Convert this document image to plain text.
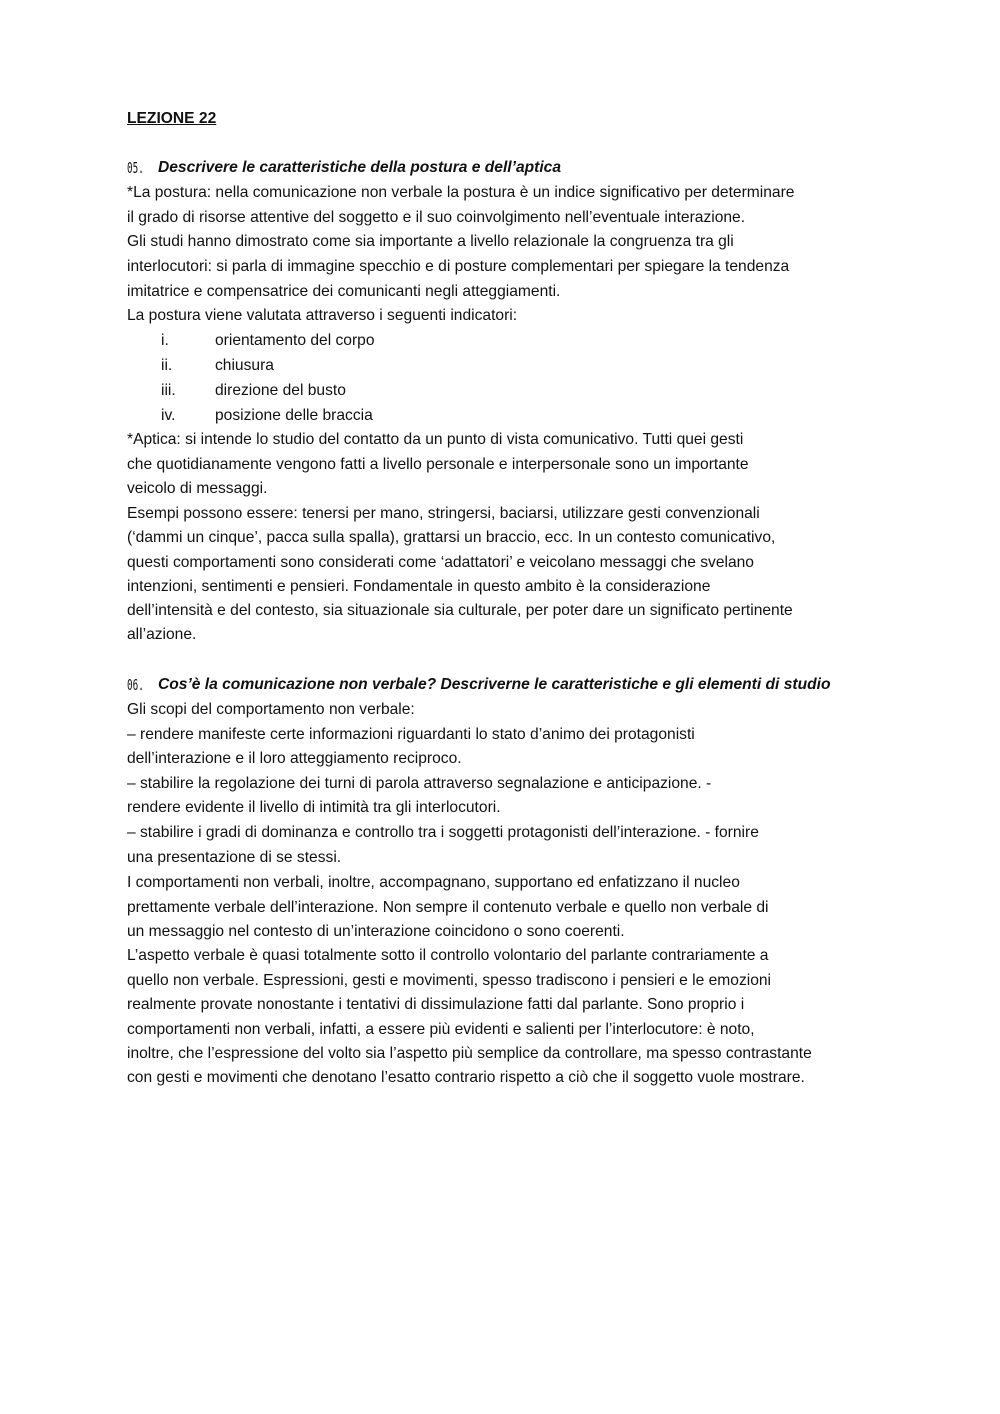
LEZIONE 22
05. Descrivere le caratteristiche della postura e dell’aptica
*La postura: nella comunicazione non verbale la postura è un indice significativo per determinare
il grado di risorse attentive del soggetto e il suo coinvolgimento nell’eventuale interazione.
Gli studi hanno dimostrato come sia importante a livello relazionale la congruenza tra gli
interlocutori: si parla di immagine specchio e di posture complementari per spiegare la tendenza
imitatrice e compensatrice dei comunicanti negli atteggiamenti.
La postura viene valutata attraverso i seguenti indicatori:
i.	orientamento del corpo
ii.	chiusura
iii.	direzione del busto
iv.	posizione delle braccia
*Aptica: si intende lo studio del contatto da un punto di vista comunicativo. Tutti quei gesti
che quotidianamente vengono fatti a livello personale e interpersonale sono un importante
veicolo di messaggi.
Esempi possono essere: tenersi per mano, stringersi, baciarsi, utilizzare gesti convenzionali
(‘dammi un cinque’, pacca sulla spalla), grattarsi un braccio, ecc. In un contesto comunicativo,
questi comportamenti sono considerati come ‘adattatori’ e veicolano messaggi che svelano
intenzioni, sentimenti e pensieri. Fondamentale in questo ambito è la considerazione
dell’intensità e del contesto, sia situazionale sia culturale, per poter dare un significato pertinente
all’azione.
06. Cos’è la comunicazione non verbale? Descriverne le caratteristiche e gli elementi di studio
Gli scopi del comportamento non verbale:
– rendere manifeste certe informazioni riguardanti lo stato d’animo dei protagonisti
dell’interazione e il loro atteggiamento reciproco.
– stabilire la regolazione dei turni di parola attraverso segnalazione e anticipazione. -
rendere evidente il livello di intimità tra gli interlocutori.
– stabilire i gradi di dominanza e controllo tra i soggetti protagonisti dell’interazione. - fornire
una presentazione di se stessi.
I comportamenti non verbali, inoltre, accompagnano, supportano ed enfatizzano il nucleo
prettamente verbale dell’interazione. Non sempre il contenuto verbale e quello non verbale di
un messaggio nel contesto di un’interazione coincidono o sono coerenti.
L’aspetto verbale è quasi totalmente sotto il controllo volontario del parlante contrariamente a
quello non verbale. Espressioni, gesti e movimenti, spesso tradiscono i pensieri e le emozioni
realmente provate nonostante i tentativi di dissimulazione fatti dal parlante. Sono proprio i
comportamenti non verbali, infatti, a essere più evidenti e salienti per l’interlocutore: è noto,
inoltre, che l’espressione del volto sia l’aspetto più semplice da controllare, ma spesso contrastante
con gesti e movimenti che denotano l’esatto contrario rispetto a ciò che il soggetto vuole mostrare.
